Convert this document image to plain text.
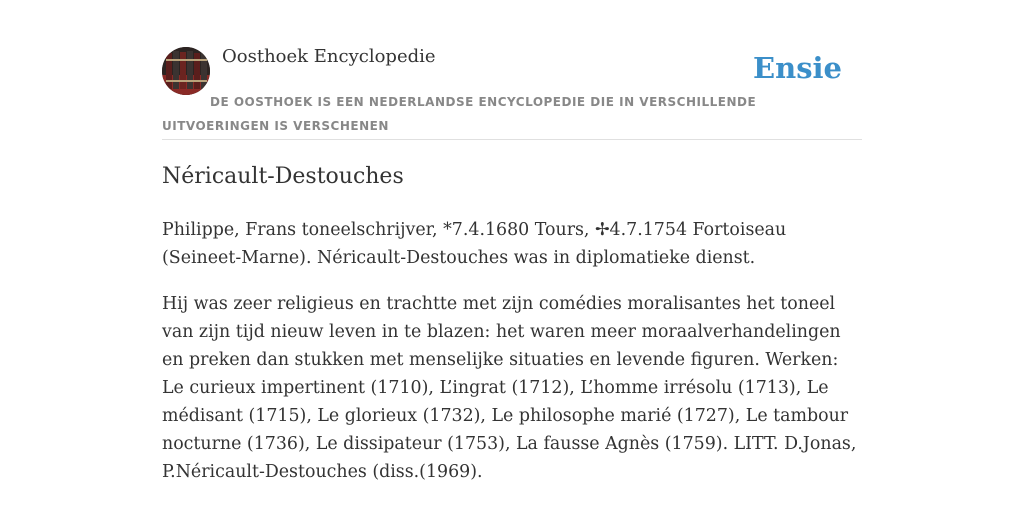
Oosthoek Encyclopedie	Ensie
DE OOSTHOEK IS EEN NEDERLANDSE ENCYCLOPEDIE DIE IN VERSCHILLENDE UITVOERINGEN IS VERSCHENEN
Néricault-Destouches

Philippe, Frans toneelschrijver, *7.4.1680 Tours, ✢4.7.1754 Fortoiseau (Seineet-Marne). Néricault-Destouches was in diplomatieke dienst.

Hij was zeer religieus en trachtte met zijn comédies moralisantes het toneel van zijn tijd nieuw leven in te blazen: het waren meer moraalverhandelingen en preken dan stukken met menselijke situaties en levende figuren. Werken: Le curieux impertinent (1710), L’ingrat (1712), L’homme irrésolu (1713), Le médisant (1715), Le glorieux (1732), Le philosophe marié (1727), Le tambour nocturne (1736), Le dissipateur (1753), La fausse Agnès (1759). LITT. D.Jonas, P.Néricault-Destouches (diss.(1969).
